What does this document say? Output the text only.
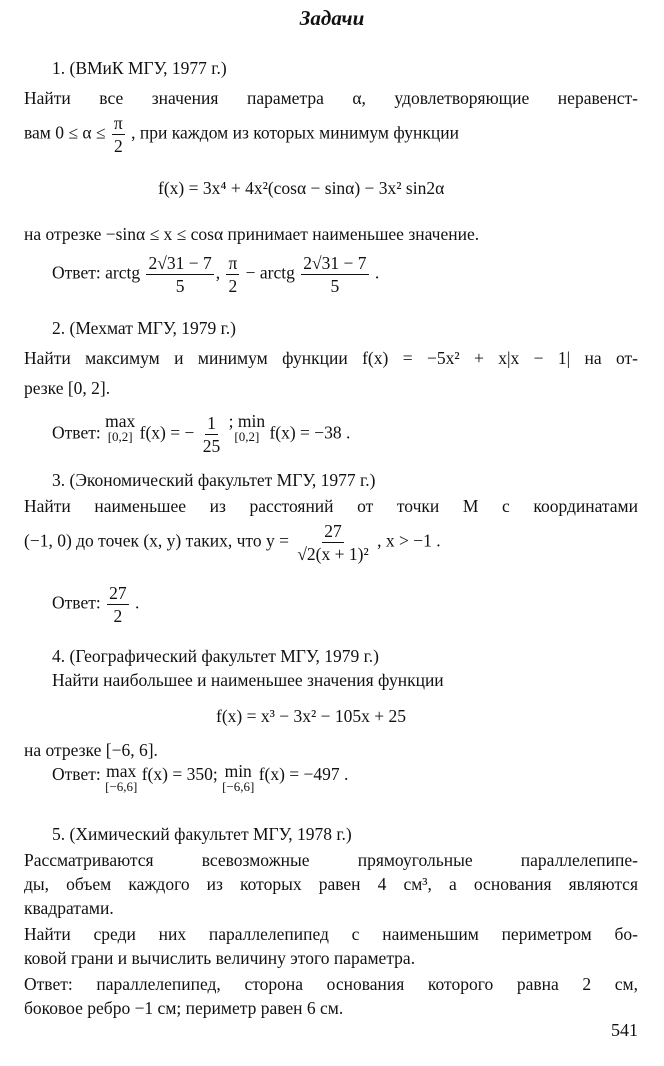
Задачи
1. (ВМиК МГУ, 1977 г.)
Найти все значения параметра α, удовлетворяющие неравенст-
вам $0 \le \alpha \le \frac{\pi}{2}$ , при каждом из которых минимум функции
f(x) = 3x⁴ + 4x²(cosα − sinα) − 3x² sin2α
на отрезке −sinα ≤ x ≤ cosα принимает наименьшее значение.
Ответ: arctg $\frac{2√31 - 7}{5}$ , $\frac{\pi}{2}$ − arctg $\frac{2√31 - 7}{5}$ .
2. (Мехмат МГУ, 1979 г.)
Найти максимум и минимум функции f(x) = −5x² + x|x − 1| на от-
резке [0, 2].
Ответ:
max
[0,2] f(x) = − $\frac{1}{25}$
; min
[0,2] f(x) = −38 .
3. (Экономический факультет МГУ, 1977 г.)
Найти наименьшее из расстояний от точки M с координатами
(−1, 0) до точек (x, y) таких, что $y = \frac{27}{\text{√2(x + 1)²}}$ , x > −1 .
Ответ: $\frac{27}{2}$ .
4. (Географический факультет МГУ, 1979 г.)
Найти наибольшее и наименьшее значения функции
f(x) = x³ − 3x² − 105x + 25
на отрезке [−6, 6].
Ответ: max
[−6,6]
f(x) = 350; min
[−6,6]
f(x) = −497 .
5. (Химический факультет МГУ, 1978 г.)
Рассматриваются всевозможные прямоугольные параллелепипе-
ды, объем каждого из которых равен 4 см³, а основания являются
квадратами.
Найти среди них параллелепипед с наименьшим периметром бо-
ковой грани и вычислить величину этого параметра.
Ответ: параллелепипед, сторона основания которого равна 2 см,
боковое ребро −1 см; периметр равен 6 см.
541
